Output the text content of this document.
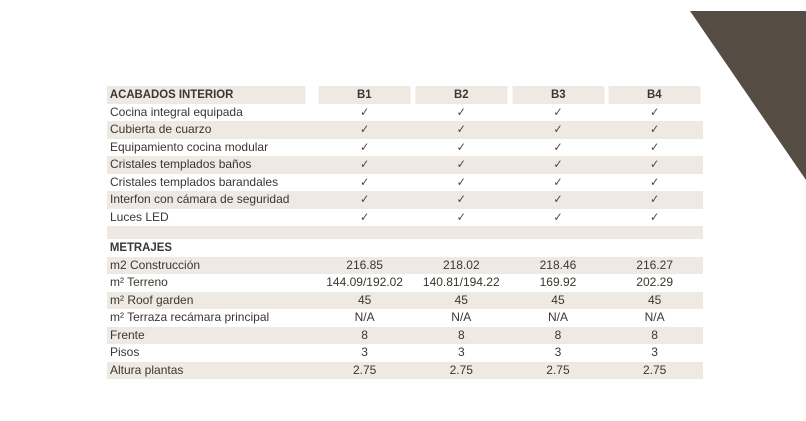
ACABADOS INTERIOR	B1	B2	B3	B4
Cocina integral equipada	✓	✓	✓	✓
Cubierta de cuarzo	✓	✓	✓	✓
Equipamiento cocina modular	✓	✓	✓	✓
Cristales templados baños	✓	✓	✓	✓
Cristales templados barandales	✓	✓	✓	✓
Interfon con cámara de seguridad	✓	✓	✓	✓
Luces LED	✓	✓	✓	✓

METRAJES				
m2 Construcción	216.85	218.02	218.46	216.27
m² Terreno	144.09/192.02	140.81/194.22	169.92	202.29
m² Roof garden	45	45	45	45
m² Terraza recámara principal	N/A	N/A	N/A	N/A
Frente	8	8	8	8
Pisos	3	3	3	3
Altura plantas	2.75	2.75	2.75	2.75
